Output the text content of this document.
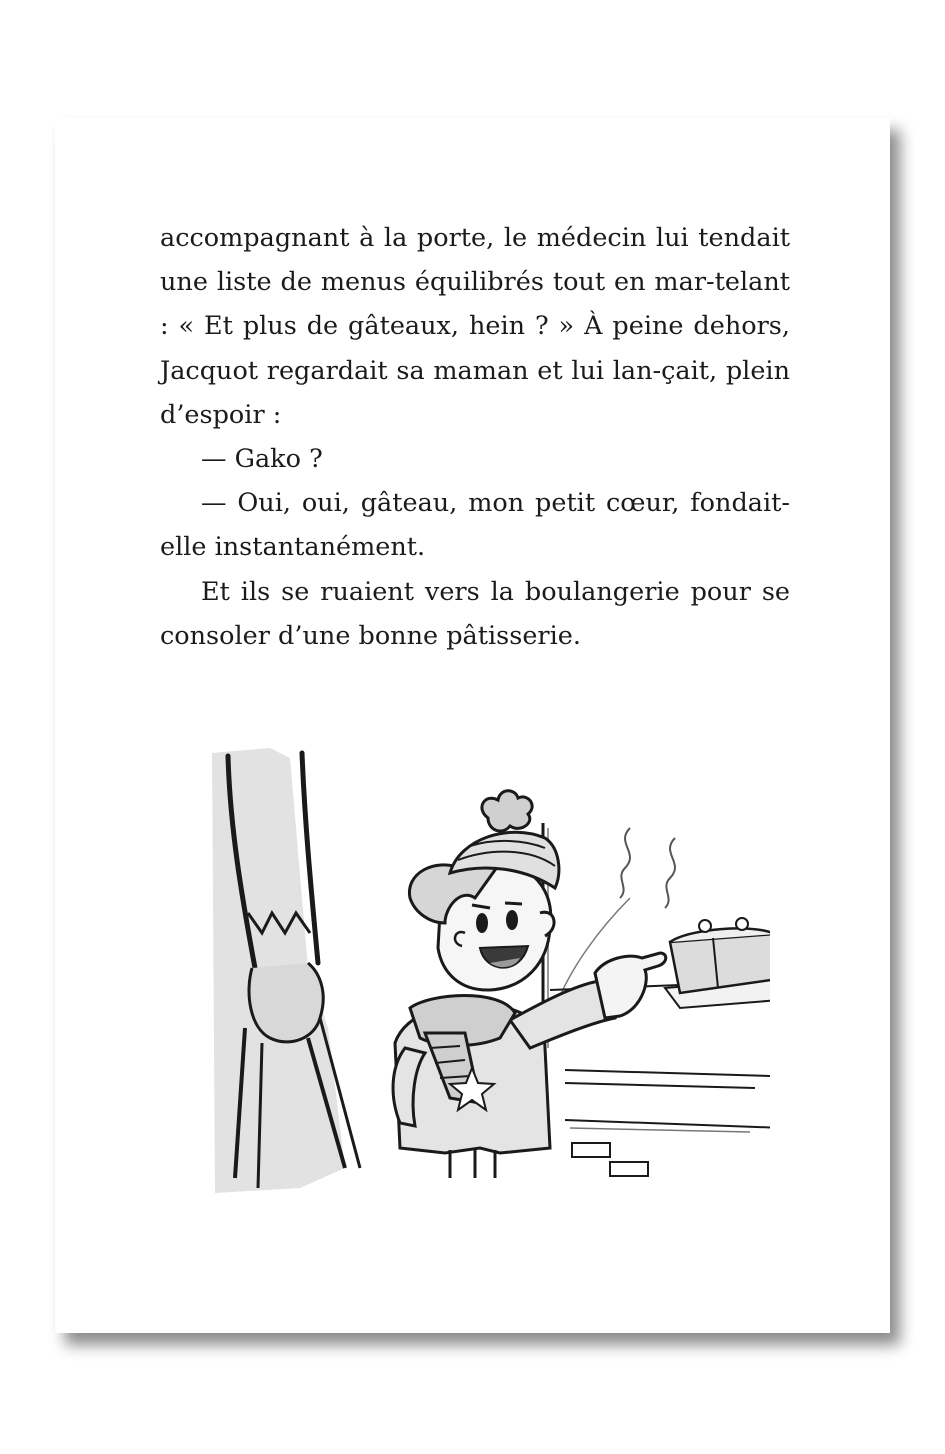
accompagnant à la porte, le médecin lui tendait une liste de menus équilibrés tout en mar-telant : « Et plus de gâteaux, hein ? » À peine dehors, Jacquot regardait sa maman et lui lan-çait, plein d’espoir :

— Gako ?

— Oui, oui, gâteau, mon petit cœur, fondait-elle instantanément.

Et ils se ruaient vers la boulangerie pour se consoler d’une bonne pâtisserie.
